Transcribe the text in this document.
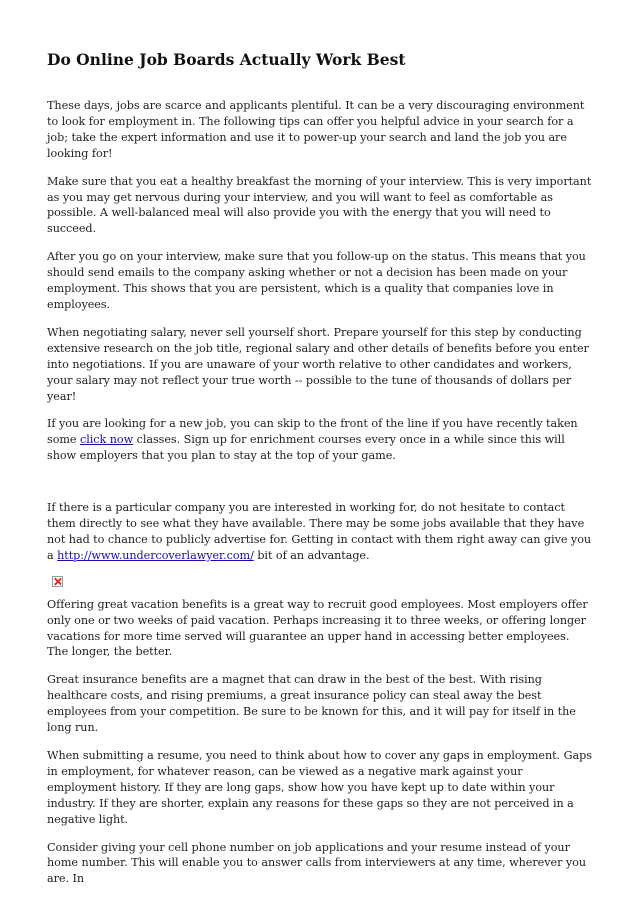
Do Online Job Boards Actually Work Best

These days, jobs are scarce and applicants plentiful. It can be a very discouraging environment to look for employment in. The following tips can offer you helpful advice in your search for a job; take the expert information and use it to power-up your search and land the job you are looking for!

Make sure that you eat a healthy breakfast the morning of your interview. This is very important as you may get nervous during your interview, and you will want to feel as comfortable as possible. A well-balanced meal will also provide you with the energy that you will need to succeed.

After you go on your interview, make sure that you follow-up on the status. This means that you should send emails to the company asking whether or not a decision has been made on your employment. This shows that you are persistent, which is a quality that companies love in employees.

When negotiating salary, never sell yourself short. Prepare yourself for this step by conducting extensive research on the job title, regional salary and other details of benefits before you enter into negotiations. If you are unaware of your worth relative to other candidates and workers, your salary may not reflect your true worth -- possible to the tune of thousands of dollars per year!

If you are looking for a new job, you can skip to the front of the line if you have recently taken some click now classes. Sign up for enrichment courses every once in a while since this will show employers that you plan to stay at the top of your game.

If there is a particular company you are interested in working for, do not hesitate to contact them directly to see what they have available. There may be some jobs available that they have not had to chance to publicly advertise for. Getting in contact with them right away can give you a http://www.undercoverlawyer.com/ bit of an advantage.

Offering great vacation benefits is a great way to recruit good employees. Most employers offer only one or two weeks of paid vacation. Perhaps increasing it to three weeks, or offering longer vacations for more time served will guarantee an upper hand in accessing better employees. The longer, the better.

Great insurance benefits are a magnet that can draw in the best of the best. With rising healthcare costs, and rising premiums, a great insurance policy can steal away the best employees from your competition. Be sure to be known for this, and it will pay for itself in the long run.

When submitting a resume, you need to think about how to cover any gaps in employment. Gaps in employment, for whatever reason, can be viewed as a negative mark against your employment history. If they are long gaps, show how you have kept up to date within your industry. If they are shorter, explain any reasons for these gaps so they are not perceived in a negative light.

Consider giving your cell phone number on job applications and your resume instead of your home number. This will enable you to answer calls from interviewers at any time, wherever you are. In
